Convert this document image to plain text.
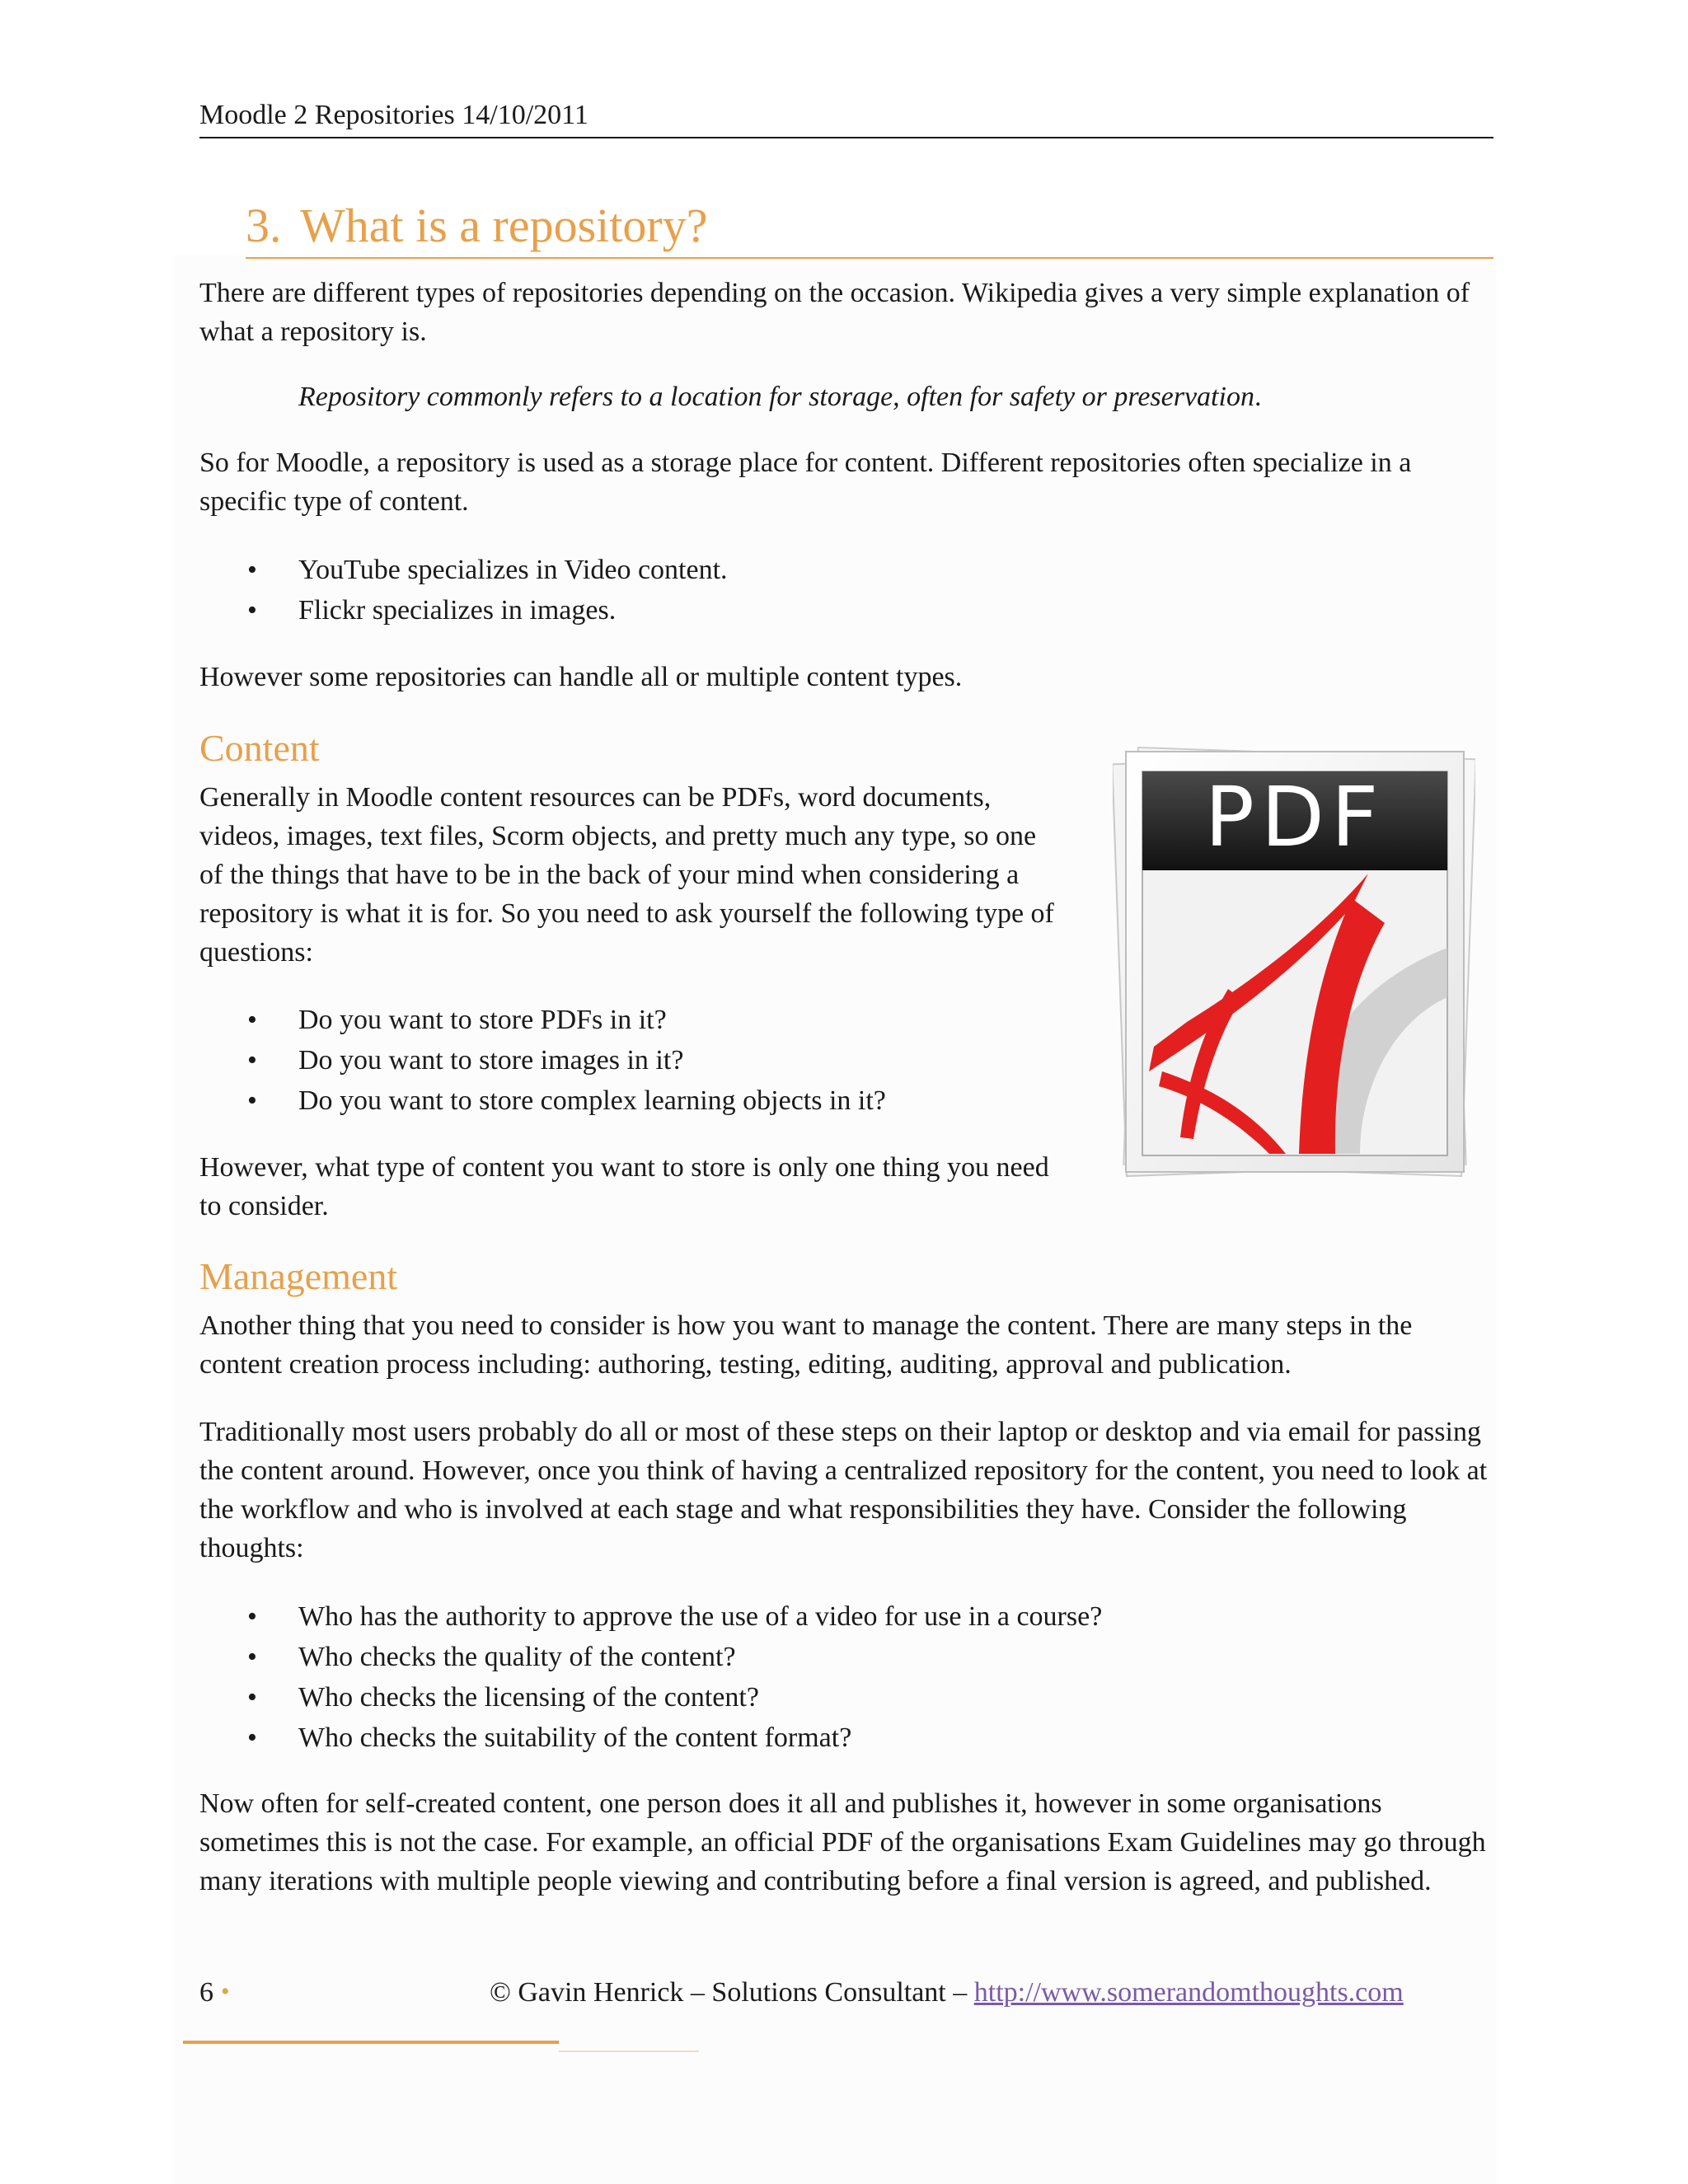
Moodle 2 Repositories 14/10/2011
3. What is a repository?

There are different types of repositories depending on the occasion. Wikipedia gives a very simple explanation of what a repository is.

Repository commonly refers to a location for storage, often for safety or preservation.

So for Moodle, a repository is used as a storage place for content. Different repositories often specialize in a specific type of content.

• YouTube specializes in Video content.
• Flickr specializes in images.

However some repositories can handle all or multiple content types.

Content

Generally in Moodle content resources can be PDFs, word documents, videos, images, text files, Scorm objects, and pretty much any type, so one of the things that have to be in the back of your mind when considering a repository is what it is for. So you need to ask yourself the following type of questions:

• Do you want to store PDFs in it?
• Do you want to store images in it?
• Do you want to store complex learning objects in it?

However, what type of content you want to store is only one thing you need to consider.

PDF
Management

Another thing that you need to consider is how you want to manage the content. There are many steps in the content creation process including: authoring, testing, editing, auditing, approval and publication.

Traditionally most users probably do all or most of these steps on their laptop or desktop and via email for passing the content around. However, once you think of having a centralized repository for the content, you need to look at the workflow and who is involved at each stage and what responsibilities they have. Consider the following thoughts:

• Who has the authority to approve the use of a video for use in a course?
• Who checks the quality of the content?
• Who checks the licensing of the content?
• Who checks the suitability of the content format?

Now often for self-created content, one person does it all and publishes it, however in some organisations sometimes this is not the case. For example, an official PDF of the organisations Exam Guidelines may go through many iterations with multiple people viewing and contributing before a final version is agreed, and published.

6 •	© Gavin Henrick – Solutions Consultant – http://www.somerandomthoughts.com
